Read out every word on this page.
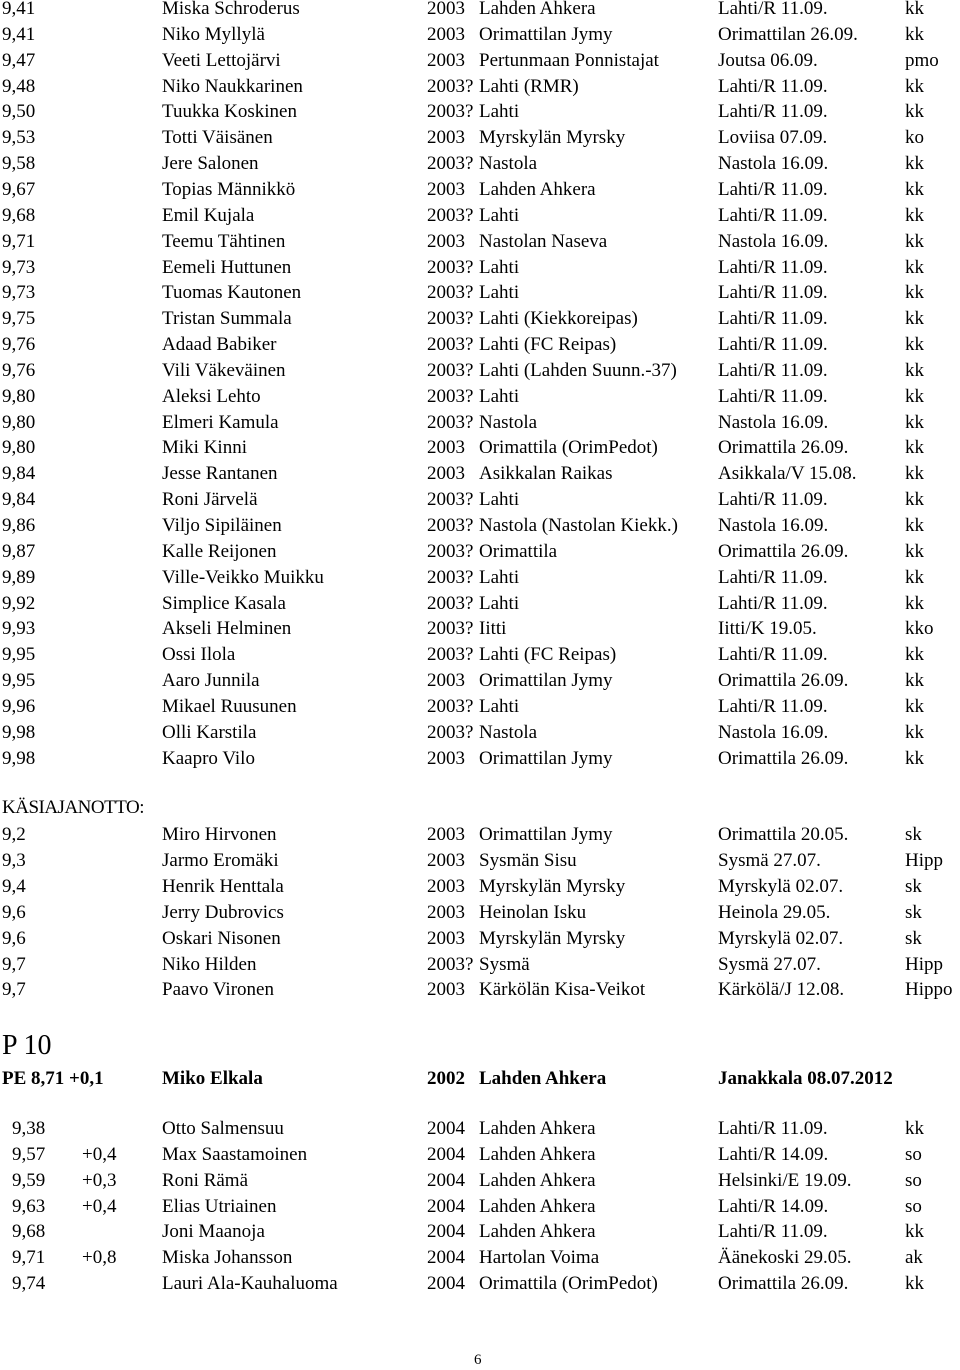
9,41	Miska Schroderus	2003 Lahden Ahkera	Lahti/R 11.09.	kk
9,41	Niko Myllylä	2003 Orimattilan Jymy	Orimattilan 26.09. kk
9,47	Veeti Lettojärvi	2003 Pertunmaan Ponnistajat	Joutsa 06.09.	pmo
9,48	Niko Naukkarinen	2003? Lahti (RMR)	Lahti/R 11.09.	kk
9,50	Tuukka Koskinen	2003? Lahti	Lahti/R 11.09.	kk
9,53	Totti Väisänen	2003 Myrskylän Myrsky	Loviisa 07.09.	ko
9,58	Jere Salonen	2003? Nastola	Nastola 16.09.	kk
9,67	Topias Männikkö	2003 Lahden Ahkera	Lahti/R 11.09.	kk
9,68	Emil Kujala	2003? Lahti	Lahti/R 11.09.	kk
9,71	Teemu Tähtinen	2003 Nastolan Naseva	Nastola 16.09.	kk
9,73	Eemeli Huttunen	2003? Lahti	Lahti/R 11.09.	kk
9,73	Tuomas Kautonen	2003? Lahti	Lahti/R 11.09.	kk
9,75	Tristan Summala	2003? Lahti (Kiekkoreipas)	Lahti/R 11.09.	kk
9,76	Adaad Babiker	2003? Lahti (FC Reipas)	Lahti/R 11.09.	kk
9,76	Vili Väkeväinen	2003? Lahti (Lahden Suunn.-37) Lahti/R 11.09.	kk
9,80	Aleksi Lehto	2003? Lahti	Lahti/R 11.09.	kk
9,80	Elmeri Kamula	2003? Nastola	Nastola 16.09.	kk
9,80	Miki Kinni	2003 Orimattila (OrimPedot)	Orimattila 26.09.	kk
9,84	Jesse Rantanen	2003 Asikkalan Raikas	Asikkala/V 15.08.	kk
9,84	Roni Järvelä	2003? Lahti	Lahti/R 11.09.	kk
9,86	Viljo Sipiläinen	2003? Nastola (Nastolan Kiekk.) Nastola 16.09.	kk
9,87	Kalle Reijonen	2003? Orimattila	Orimattila 26.09.	kk
9,89	Ville-Veikko Muikku	2003? Lahti	Lahti/R 11.09.	kk
9,92	Simplice Kasala	2003? Lahti	Lahti/R 11.09.	kk
9,93	Akseli Helminen	2003? Iitti	Iitti/K 19.05.	kko
9,95	Ossi Ilola	2003? Lahti (FC Reipas)	Lahti/R 11.09.	kk
9,95	Aaro Junnila	2003 Orimattilan Jymy	Orimattila 26.09.	kk
9,96	Mikael Ruusunen	2003? Lahti	Lahti/R 11.09.	kk
9,98	Olli Karstila	2003? Nastola	Nastola 16.09.	kk
9,98	Kaapro Vilo	2003 Orimattilan Jymy	Orimattila 26.09.	kk
KÄSIAJANOTTO:
9,2	Miro Hirvonen	2003 Orimattilan Jymy	Orimattila 20.05.	sk
9,3	Jarmo Eromäki	2003 Sysmän Sisu	Sysmä 27.07.	Hipp
9,4	Henrik Henttala	2003 Myrskylän Myrsky	Myrskylä 02.07.	sk
9,6	Jerry Dubrovics	2003 Heinolan Isku	Heinola 29.05.	sk
9,6	Oskari Nisonen	2003 Myrskylän Myrsky	Myrskylä 02.07.	sk
9,7	Niko Hilden	2003? Sysmä	Sysmä 27.07.	Hipp
9,7	Paavo Vironen	2003 Kärkölän Kisa-Veikot	Kärkölä/J 12.08.	Hippo
P 10
PE 8,71 +0,1	Miko Elkala	2002 Lahden Ahkera	Janakkala 08.07.2012
9,38	Otto Salmensuu	2004 Lahden Ahkera	Lahti/R 11.09.	kk
9,57 +0,4 Max Saastamoinen	2004 Lahden Ahkera	Lahti/R 14.09.	so
9,59 +0,3 Roni Rämä	2004 Lahden Ahkera	Helsinki/E 19.09.	so
9,63 +0,4 Elias Utriainen	2004 Lahden Ahkera	Lahti/R 14.09.	so
9,68	Joni Maanoja	2004 Lahden Ahkera	Lahti/R 11.09.	kk
9,71 +0,8 Miska Johansson	2004 Hartolan Voima	Äänekoski 29.05.	ak
9,74	Lauri Ala-Kauhaluoma	2004 Orimattila (OrimPedot)	Orimattila 26.09.	kk
6
